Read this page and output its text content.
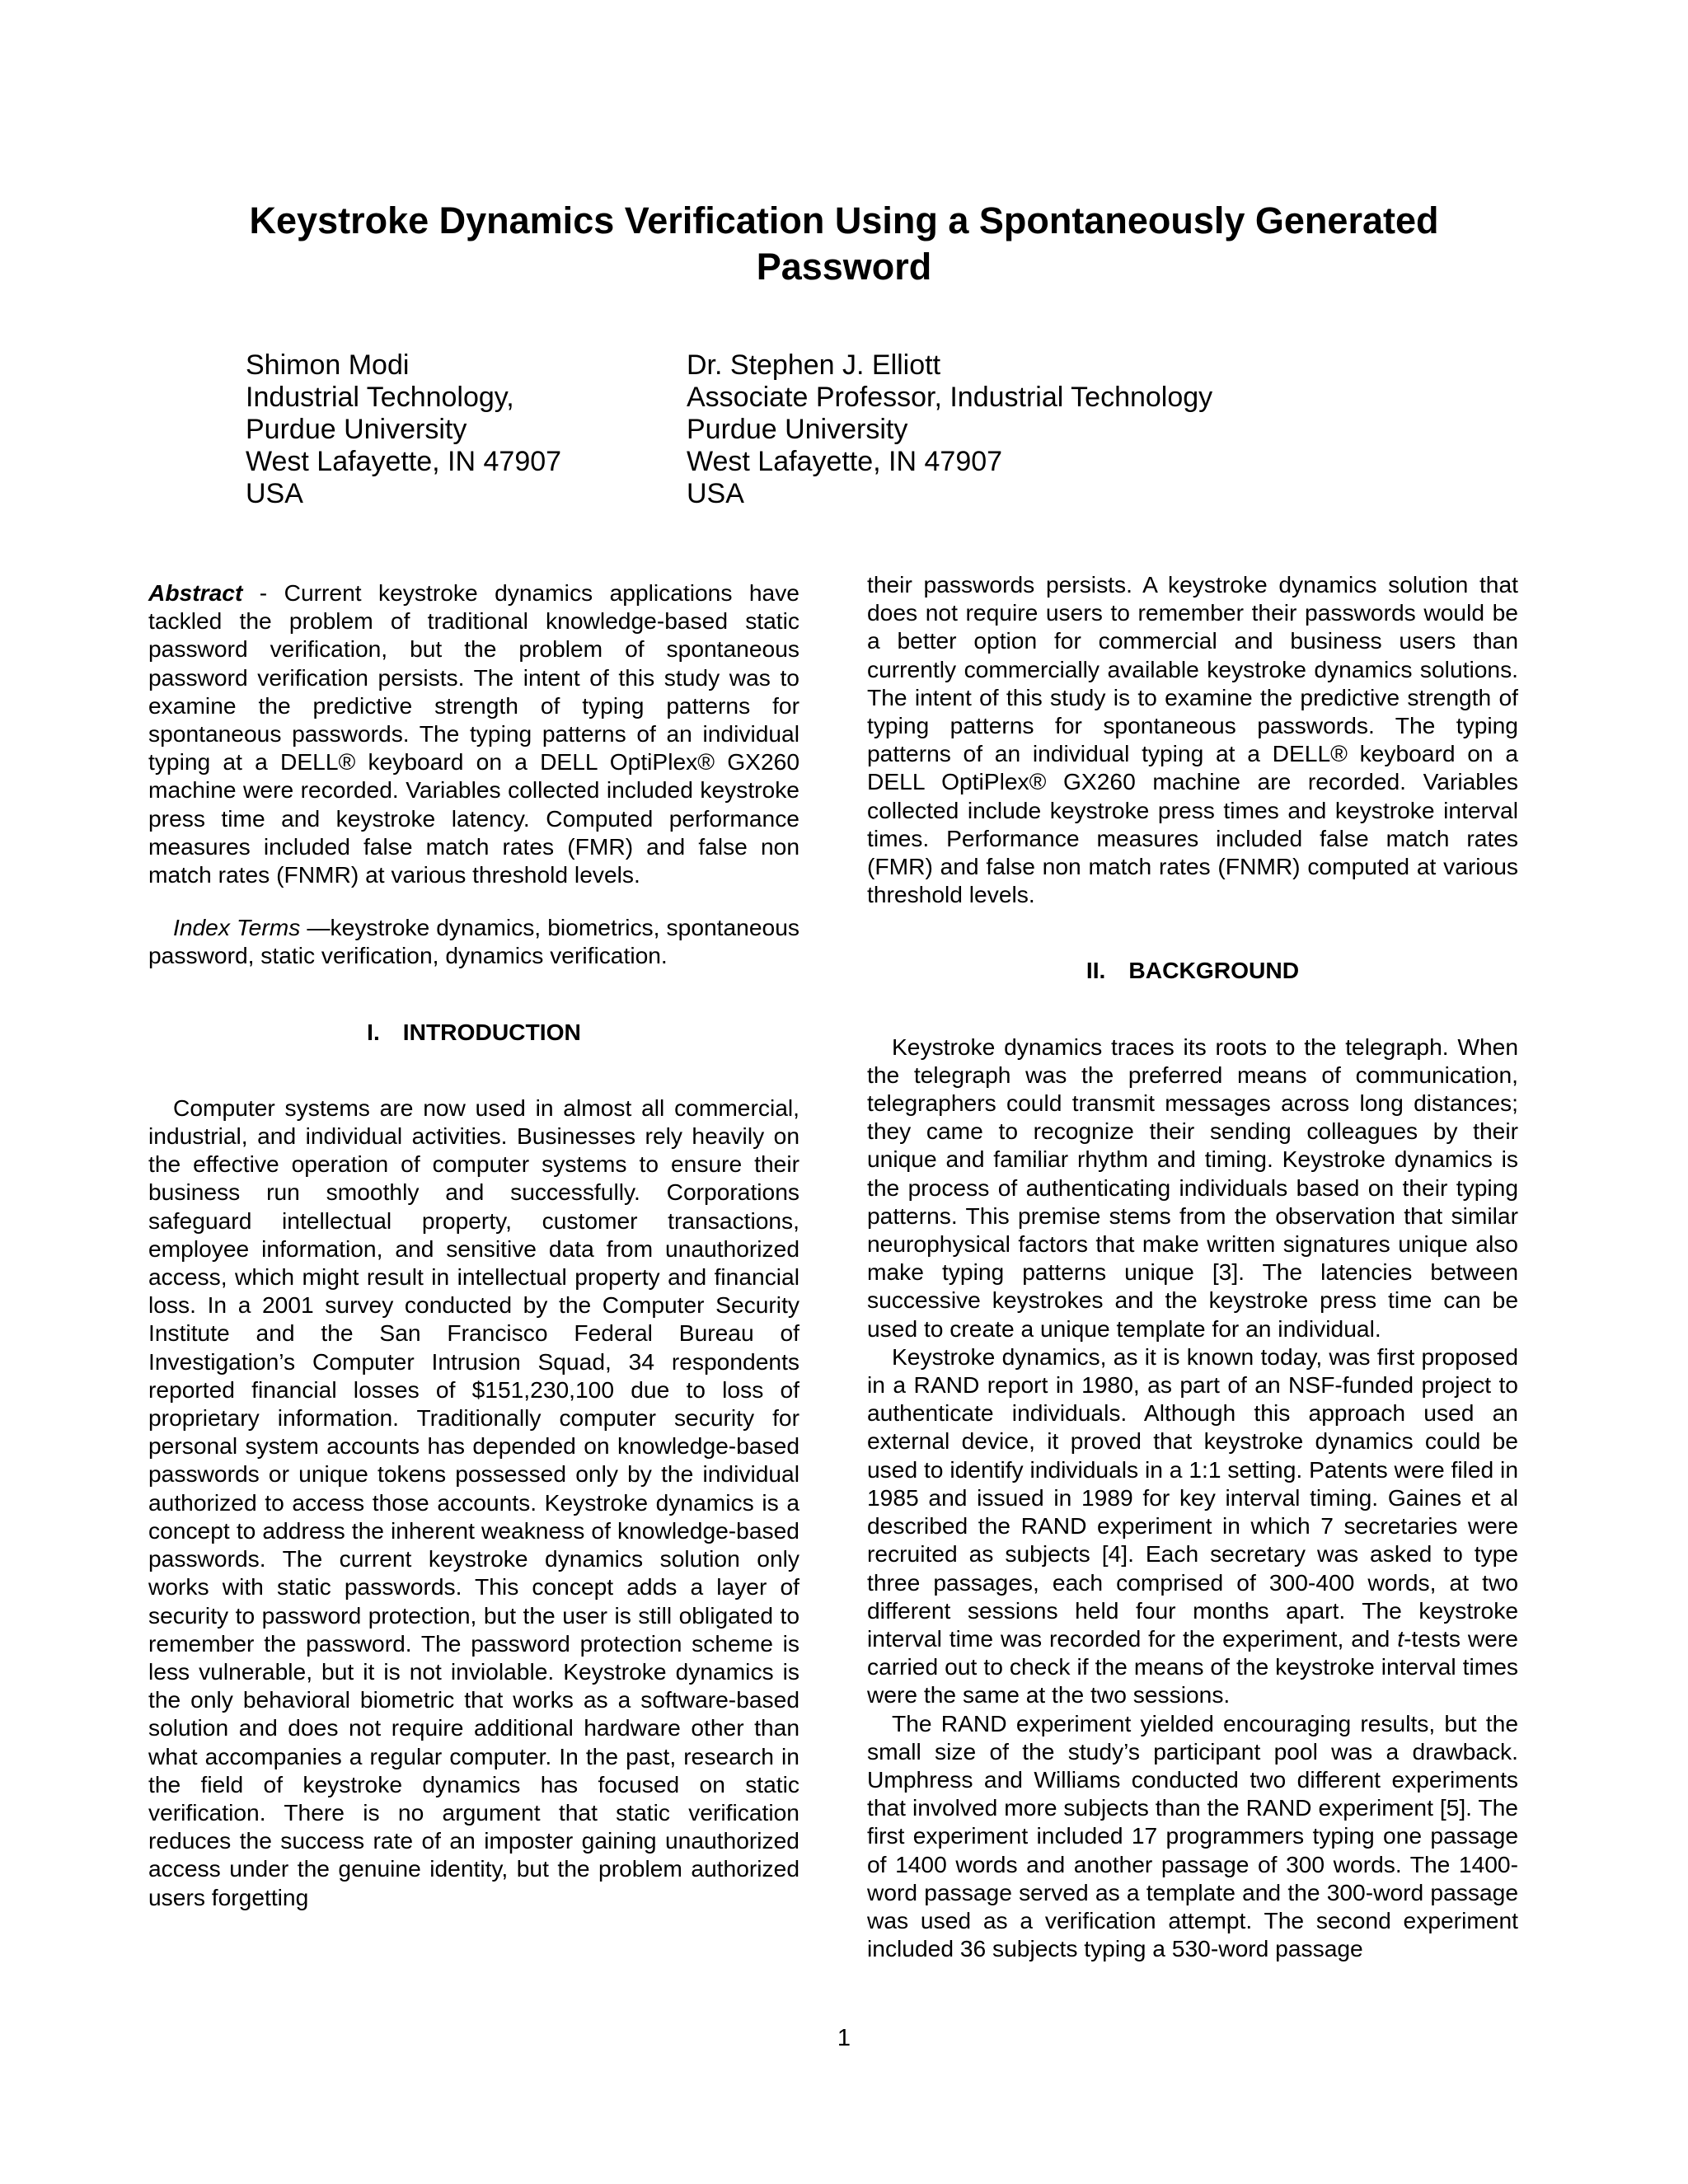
Keystroke Dynamics Verification Using a Spontaneously Generated Password
Shimon Modi
Industrial Technology,
Purdue University
West Lafayette, IN 47907
USA
Dr. Stephen J. Elliott
Associate Professor, Industrial Technology
Purdue University
West Lafayette, IN 47907
USA

Abstract - Current keystroke dynamics applications have tackled the problem of traditional knowledge-based static password verification, but the problem of spontaneous password verification persists. The intent of this study was to examine the predictive strength of typing patterns for spontaneous passwords. The typing patterns of an individual typing at a DELL® keyboard on a DELL OptiPlex® GX260 machine were recorded. Variables collected included keystroke press time and keystroke latency. Computed performance measures included false match rates (FMR) and false non match rates (FNMR) at various threshold levels.

Index Terms —keystroke dynamics, biometrics, spontaneous password, static verification, dynamics verification.

I. INTRODUCTION

Computer systems are now used in almost all commercial, industrial, and individual activities. Businesses rely heavily on the effective operation of computer systems to ensure their business run smoothly and successfully. Corporations safeguard intellectual property, customer transactions, employee information, and sensitive data from unauthorized access, which might result in intellectual property and financial loss. In a 2001 survey conducted by the Computer Security Institute and the San Francisco Federal Bureau of Investigation’s Computer Intrusion Squad, 34 respondents reported financial losses of $151,230,100 due to loss of proprietary information. Traditionally computer security for personal system accounts has depended on knowledge-based passwords or unique tokens possessed only by the individual authorized to access those accounts. Keystroke dynamics is a concept to address the inherent weakness of knowledge-based passwords. The current keystroke dynamics solution only works with static passwords. This concept adds a layer of security to password protection, but the user is still obligated to remember the password. The password protection scheme is less vulnerable, but it is not inviolable. Keystroke dynamics is the only behavioral biometric that works as a software-based solution and does not require additional hardware other than what accompanies a regular computer. In the past, research in the field of keystroke dynamics has focused on static verification. There is no argument that static verification reduces the success rate of an imposter gaining unauthorized access under the genuine identity, but the problem authorized users forgetting

their passwords persists. A keystroke dynamics solution that does not require users to remember their passwords would be a better option for commercial and business users than currently commercially available keystroke dynamics solutions. The intent of this study is to examine the predictive strength of typing patterns for spontaneous passwords. The typing patterns of an individual typing at a DELL® keyboard on a DELL OptiPlex® GX260 machine are recorded. Variables collected include keystroke press times and keystroke interval times. Performance measures included false match rates (FMR) and false non match rates (FNMR) computed at various threshold levels.

II. BACKGROUND

Keystroke dynamics traces its roots to the telegraph. When the telegraph was the preferred means of communication, telegraphers could transmit messages across long distances; they came to recognize their sending colleagues by their unique and familiar rhythm and timing. Keystroke dynamics is the process of authenticating individuals based on their typing patterns. This premise stems from the observation that similar neurophysical factors that make written signatures unique also make typing patterns unique [3]. The latencies between successive keystrokes and the keystroke press time can be used to create a unique template for an individual.

Keystroke dynamics, as it is known today, was first proposed in a RAND report in 1980, as part of an NSF-funded project to authenticate individuals. Although this approach used an external device, it proved that keystroke dynamics could be used to identify individuals in a 1:1 setting. Patents were filed in 1985 and issued in 1989 for key interval timing. Gaines et al described the RAND experiment in which 7 secretaries were recruited as subjects [4]. Each secretary was asked to type three passages, each comprised of 300-400 words, at two different sessions held four months apart. The keystroke interval time was recorded for the experiment, and t-tests were carried out to check if the means of the keystroke interval times were the same at the two sessions.

The RAND experiment yielded encouraging results, but the small size of the study’s participant pool was a drawback. Umphress and Williams conducted two different experiments that involved more subjects than the RAND experiment [5]. The first experiment included 17 programmers typing one passage of 1400 words and another passage of 300 words. The 1400-word passage served as a template and the 300-word passage was used as a verification attempt. The second experiment included 36 subjects typing a 530-word passage

1
